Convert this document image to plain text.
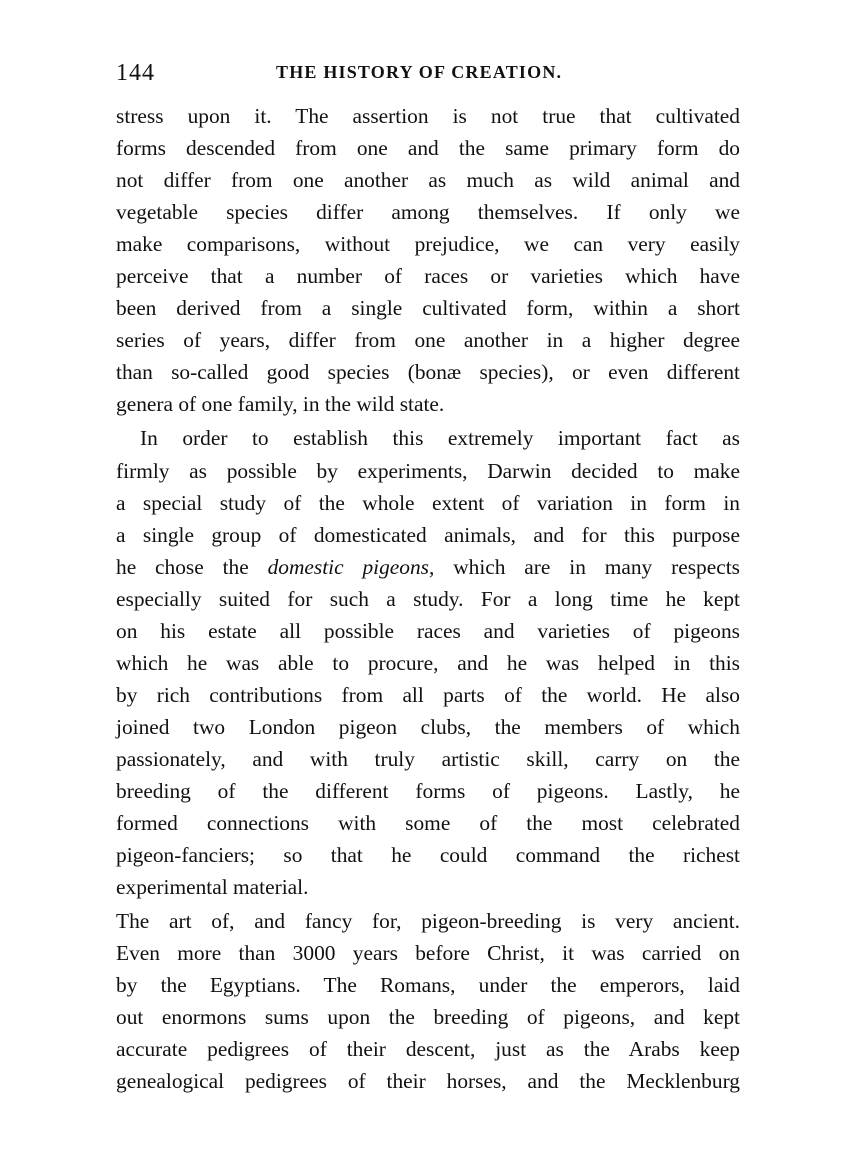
144	THE HISTORY OF CREATION.
stress upon it. The assertion is not true that cultivated
forms descended from one and the same primary form do
not differ from one another as much as wild animal and
vegetable species differ among themselves. If only we
make comparisons, without prejudice, we can very easily
perceive that a number of races or varieties which have
been derived from a single cultivated form, within a short
series of years, differ from one another in a higher degree
than so-called good species (bonæ species), or even different
genera of one family, in the wild state.
In order to establish this extremely important fact as
firmly as possible by experiments, Darwin decided to make
a special study of the whole extent of variation in form in
a single group of domesticated animals, and for this purpose
he chose the domestic pigeons, which are in many respects
especially suited for such a study. For a long time he kept
on his estate all possible races and varieties of pigeons
which he was able to procure, and he was helped in this
by rich contributions from all parts of the world. He also
joined two London pigeon clubs, the members of which
passionately, and with truly artistic skill, carry on the
breeding of the different forms of pigeons. Lastly, he
formed connections with some of the most celebrated
pigeon-fanciers; so that he could command the richest
experimental material.
The art of, and fancy for, pigeon-breeding is very ancient.
Even more than 3000 years before Christ, it was carried on
by the Egyptians. The Romans, under the emperors, laid
out enormons sums upon the breeding of pigeons, and kept
accurate pedigrees of their descent, just as the Arabs keep
genealogical pedigrees of their horses, and the Mecklenburg
